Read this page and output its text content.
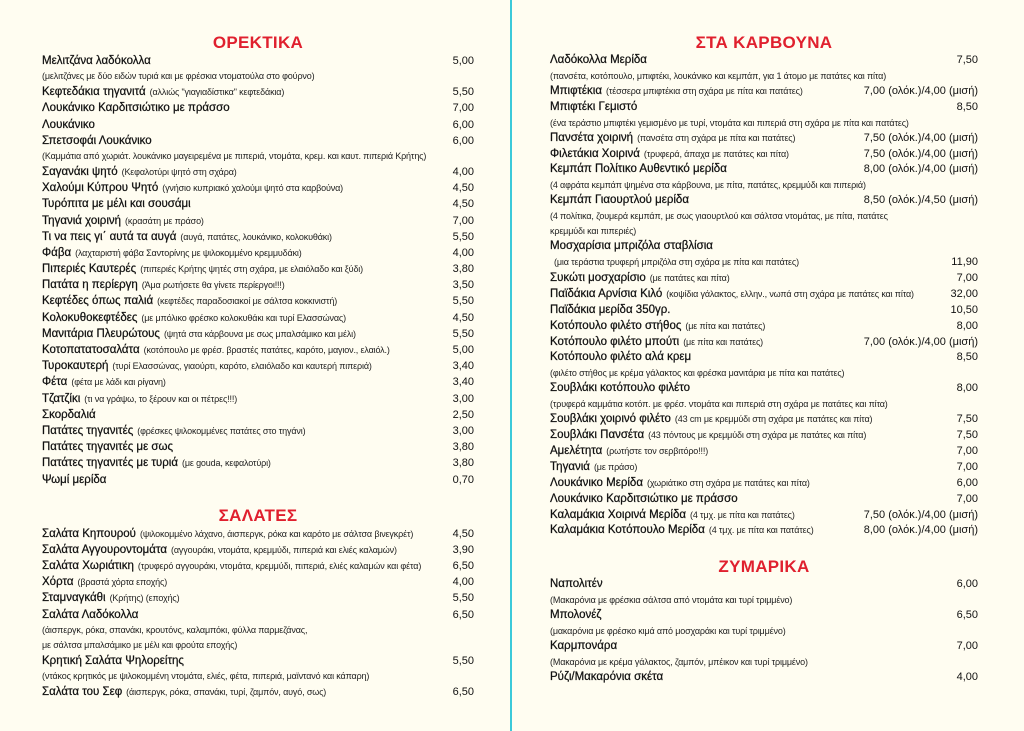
ΟΡΕΚΤΙΚΑ
Μελιτζάνα λαδόκολλα	5,00
(μελιτζάνες με δύο ειδών τυριά και με φρέσκια ντοματούλα στο φούρνο)
Κεφτεδάκια τηγανιτά (αλλιώς "γιαγιαδίστικα" κεφτεδάκια)	5,50
Λουκάνικο Καρδιτσιώτικο με πράσσο	7,00
Λουκάνικο	6,00
Σπετσοφάι Λουκάνικο	6,00
(Καμμάτια από χωριάτ. λουκάνικο μαγειρεμένα με πιπεριά, ντομάτα, κρεμ. και καυτ. πιπεριά Κρήτης)
Σαγανάκι ψητό (Κεφαλοτύρι ψητό στη σχάρα)	4,00
Χαλούμι Κύπρου Ψητό (γνήσιο κυπριακό χαλούμι ψητό στα καρβούνα)	4,50
Τυρόπιτα με μέλι και σουσάμι	4,50
Τηγανιά χοιρινή (κρασάτη με πράσο)	7,00
Τι να πεις γι΄ αυτά τα αυγά (αυγά, πατάτες, λουκάνικο, κολοκυθάκι)	5,50
Φάβα (λαχταριστή φάβα Σαντορίνης με ψιλοκομμένο κρεμμυδάκι)	4,00
Πιπεριές Καυτερές (πιπεριές Κρήτης ψητές στη σχάρα, με ελαιόλαδο και ξύδι)	3,80
Πατάτα η περίεργη (Άμα ρωτήσετε θα γίνετε περίεργοι!!!)	3,50
Κεφτέδες όπως παλιά (κεφτέδες παραδοσιακοί με σάλτσα κοκκινιστή)	5,50
Κολοκυθοκεφτέδες (με μπόλικο φρέσκο κολοκυθάκι και τυρί Ελασσώνας)	4,50
Μανιτάρια Πλευρώτους (ψητά στα κάρβουνα με σως μπαλσάμικο και μέλι)	5,50
Κοτοπατατοσαλάτα (κοτόπουλο με φρέσ. βραστές πατάτες, καρότο, μαγιον., ελαιόλ.)	5,00
Τυροκαυτερή (τυρί Ελασσώνας, γιαούρτι, καρότο, ελαιόλαδο και καυτερή πιπεριά)	3,40
Φέτα (φέτα με λάδι και ρίγανη)	3,40
Τζατζίκι (τι να γράψω, το ξέρουν και οι πέτρες!!!)	3,00
Σκορδαλιά	2,50
Πατάτες τηγανιτές (φρέσκες ψιλοκομμένες πατάτες στο τηγάνι)	3,00
Πατάτες τηγανιτές με σως	3,80
Πατάτες τηγανιτές με τυριά (με gouda, κεφαλοτύρι)	3,80
Ψωμί μερίδα	0,70
ΣΑΛΑΤΕΣ
Σαλάτα Κηπουρού (ψιλοκομμένο λάχανο, άισπεργκ, ρόκα και καρότο με σάλτσα βινεγκρέτ)	4,50
Σαλάτα Αγγουροντομάτα (αγγουράκι, ντομάτα, κρεμμύδι, πιπεριά και ελιές καλαμών)	3,90
Σαλάτα Χωριάτικη (τρυφερό αγγουράκι, ντομάτα, κρεμμύδι, πιπεριά, ελιές καλαμών και φέτα)	6,50
Χόρτα (βραστά χόρτα εποχής)	4,00
Σταμναγκάθι (Κρήτης) (εποχής)	5,50
Σαλάτα Λαδόκολλα	6,50
(άισπεργκ, ρόκα, σπανάκι, κρουτόνς, καλαμπόκι, φύλλα παρμεζάνας,
με σάλτσα μπαλσάμικο με μέλι και φρούτα εποχής)
Κρητική Σαλάτα Ψηλορείτης	5,50
(ντάκος κρητικός με ψιλοκομμένη ντομάτα, ελιές, φέτα, πιπεριά, μαϊντανό και κάπαρη)
Σαλάτα του Σεφ (άισπεργκ, ρόκα, σπανάκι, τυρί, ζαμπόν, αυγό, σως)	6,50
ΣΤΑ ΚΑΡΒΟΥΝΑ
Λαδόκολλα Μερίδα	7,50
(πανσέτα, κοτόπουλο, μπιφτέκι, λουκάνικο και κεμπάπ, για 1 άτομο με πατάτες και πίτα)
Μπιφτέκια (τέσσερα μπιφτέκια στη σχάρα με πίτα και πατάτες)	7,00 (ολόκ.)/4,00 (μισή)
Μπιφτέκι Γεμιστό	8,50
(ένα τεράστιο μπιφτέκι γεμισμένο με τυρί, ντομάτα και πιπεριά στη σχάρα με πίτα και πατάτες)
Πανσέτα χοιρινή (πανσέτα στη σχάρα με πίτα και πατάτες)	7,50 (ολόκ.)/4,00 (μισή)
Φιλετάκια Χοιρινά (τρυφερά, άπαχα με πατάτες και πίτα)	7,50 (ολόκ.)/4,00 (μισή)
Κεμπάπ Πολίτικο Αυθεντικό μερίδα	8,00 (ολόκ.)/4,00 (μισή)
(4 αφράτα κεμπάπ ψημένα στα κάρβουνα, με πίτα, πατάτες, κρεμμύδι και πιπεριά)
Κεμπάπ Γιαουρτλού μερίδα	8,50 (ολόκ.)/4,50 (μισή)
(4 πολίτικα, ζουμερά κεμπάπ, με σως γιαουρτλού και σάλτσα ντομάτας, με πίτα, πατάτες
κρεμμύδι και πιπεριές)
Μοσχαρίσια μπριζόλα σταβλίσια
(μια τεράστια τρυφερή μπριζόλα στη σχάρα με πίτα και πατάτες)	11,90
Συκώτι μοσχαρίσιο (με πατάτες και πίτα)	7,00
Παϊδάκια Αρνίσια Κιλό (κοψίδια γάλακτος, ελλην., νωπά στη σχάρα με πατάτες και πίτα)	32,00
Παϊδάκια μερίδα 350γρ.	10,50
Κοτόπουλο φιλέτο στήθος (με πίτα και πατάτες)	8,00
Κοτόπουλο φιλέτο μπούτι (με πίτα και πατάτες)	7,00 (ολόκ.)/4,00 (μισή)
Κοτόπουλο φιλέτο αλά κρεμ	8,50
(φιλέτο στήθος με κρέμα γάλακτος και φρέσκα μανιτάρια με πίτα και πατάτες)
Σουβλάκι κοτόπουλο φιλέτο	8,00
(τρυφερά καμμάτια κοτόπ. με φρέσ. ντομάτα και πιπεριά στη σχάρα με πατάτες και πίτα)
Σουβλάκι χοιρινό φιλέτο (43 cm με κρεμμύδι στη σχάρα με πατάτες και πίτα)	7,50
Σουβλάκι Πανσέτα (43 πόντους με κρεμμύδι στη σχάρα με πατάτες και πίτα)	7,50
Αμελέτητα (ρωτήστε τον σερβιτόρο!!!)	7,00
Τηγανιά (με πράσο)	7,00
Λουκάνικο Μερίδα (χωριάτικο στη σχάρα με πατάτες και πίτα)	6,00
Λουκάνικο Καρδιτσιώτικο με πράσσο	7,00
Καλαμάκια Χοιρινά Μερίδα (4 τμχ. με πίτα και πατάτες)	7,50 (ολόκ.)/4,00 (μισή)
Καλαμάκια Κοτόπουλο Μερίδα (4 τμχ. με πίτα και πατάτες)	8,00 (ολόκ.)/4,00 (μισή)
ΖΥΜΑΡΙΚΑ
Ναπολιτέν	6,00
(Μακαρόνια με φρέσκια σάλτσα από ντομάτα και τυρί τριμμένο)
Μπολονέζ	6,50
(μακαρόνια με φρέσκο κιμά από μοσχαράκι και τυρί τριμμένο)
Καρμπονάρα	7,00
(Μακαρόνια με κρέμα γάλακτος, ζαμπόν, μπέικον και τυρί τριμμένο)
Ρύζι/Μακαρόνια σκέτα	4,00
